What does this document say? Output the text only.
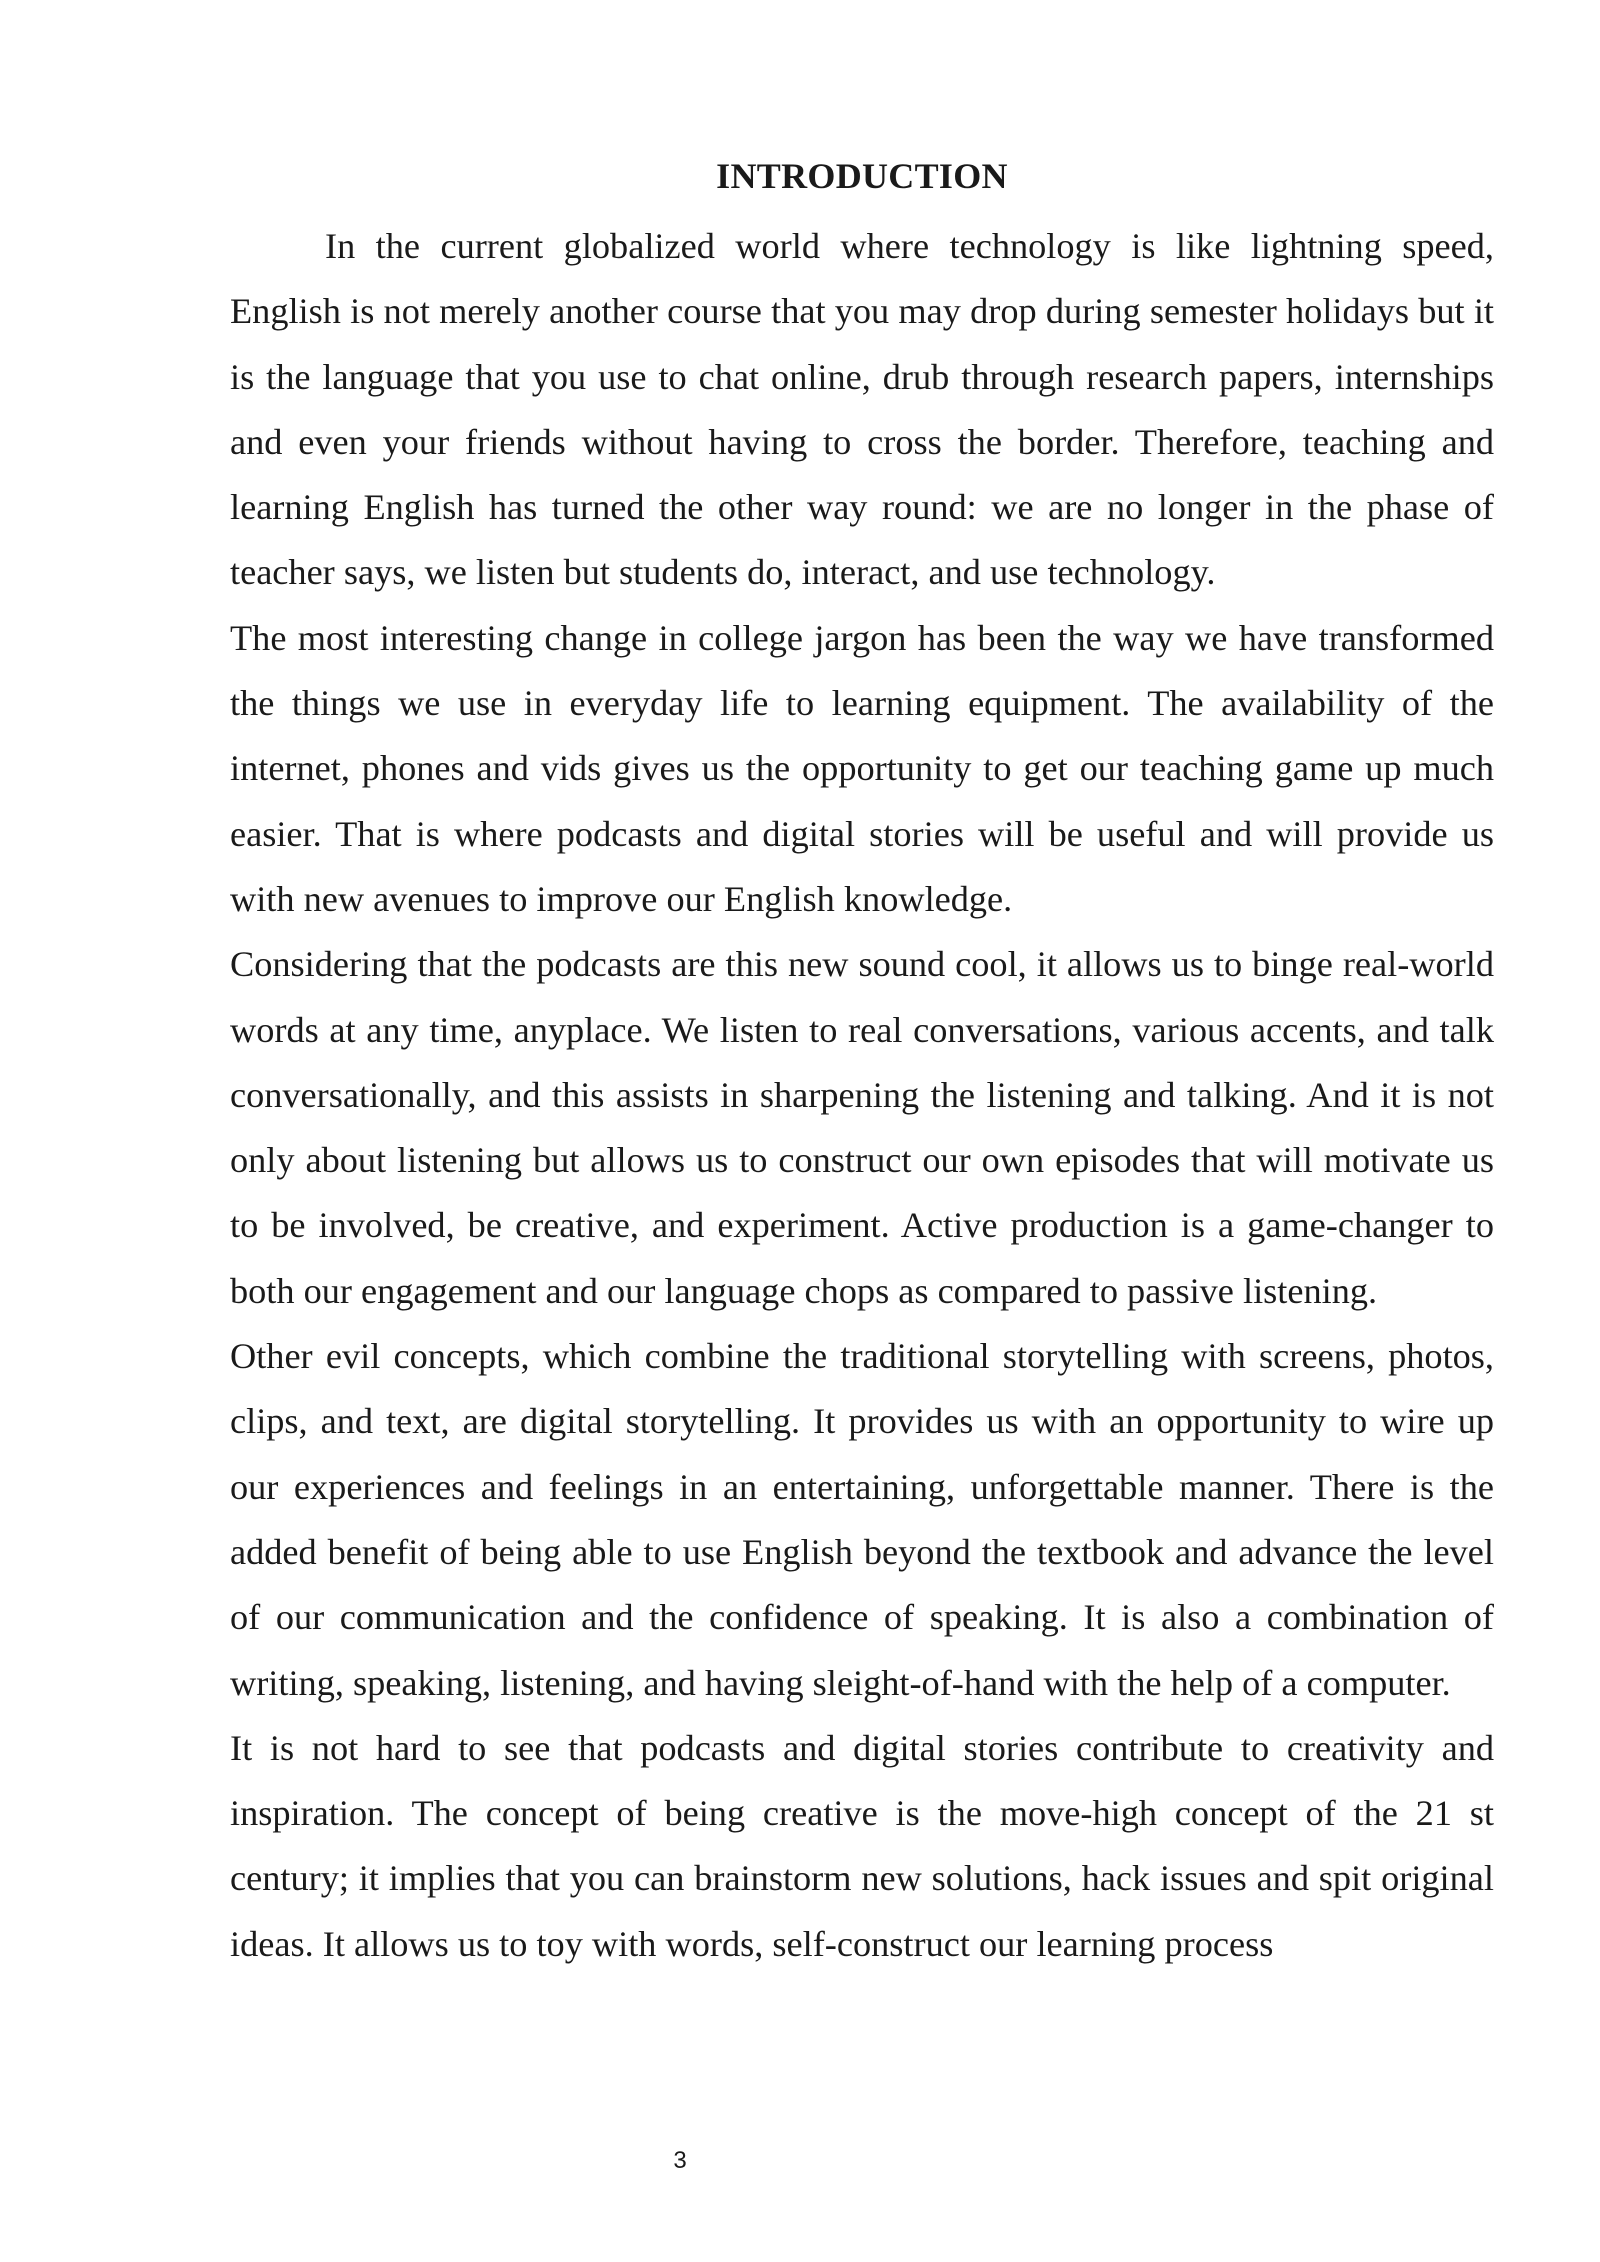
INTRODUCTION

In the current globalized world where technology is like lightning speed, English is not merely another course that you may drop during semester holidays but it is the language that you use to chat online, drub through research papers, internships and even your friends without having to cross the border. Therefore, teaching and learning English has turned the other way round: we are no longer in the phase of teacher says, we listen but students do, interact, and use technology.

The most interesting change in college jargon has been the way we have transformed the things we use in everyday life to learning equipment. The availability of the internet, phones and vids gives us the opportunity to get our teaching game up much easier. That is where podcasts and digital stories will be useful and will provide us with new avenues to improve our English knowledge.

Considering that the podcasts are this new sound cool, it allows us to binge real-world words at any time, anyplace. We listen to real conversations, various accents, and talk conversationally, and this assists in sharpening the listening and talking. And it is not only about listening but allows us to construct our own episodes that will motivate us to be involved, be creative, and experiment. Active production is a game-changer to both our engagement and our language chops as compared to passive listening.

Other evil concepts, which combine the traditional storytelling with screens, photos, clips, and text, are digital storytelling. It provides us with an opportunity to wire up our experiences and feelings in an entertaining, unforgettable manner. There is the added benefit of being able to use English beyond the textbook and advance the level of our communication and the confidence of speaking. It is also a combination of writing, speaking, listening, and having sleight-of-hand with the help of a computer.

It is not hard to see that podcasts and digital stories contribute to creativity and inspiration. The concept of being creative is the move-high concept of the 21 st century; it implies that you can brainstorm new solutions, hack issues and spit original ideas. It allows us to toy with words, self-construct our learning process

3
